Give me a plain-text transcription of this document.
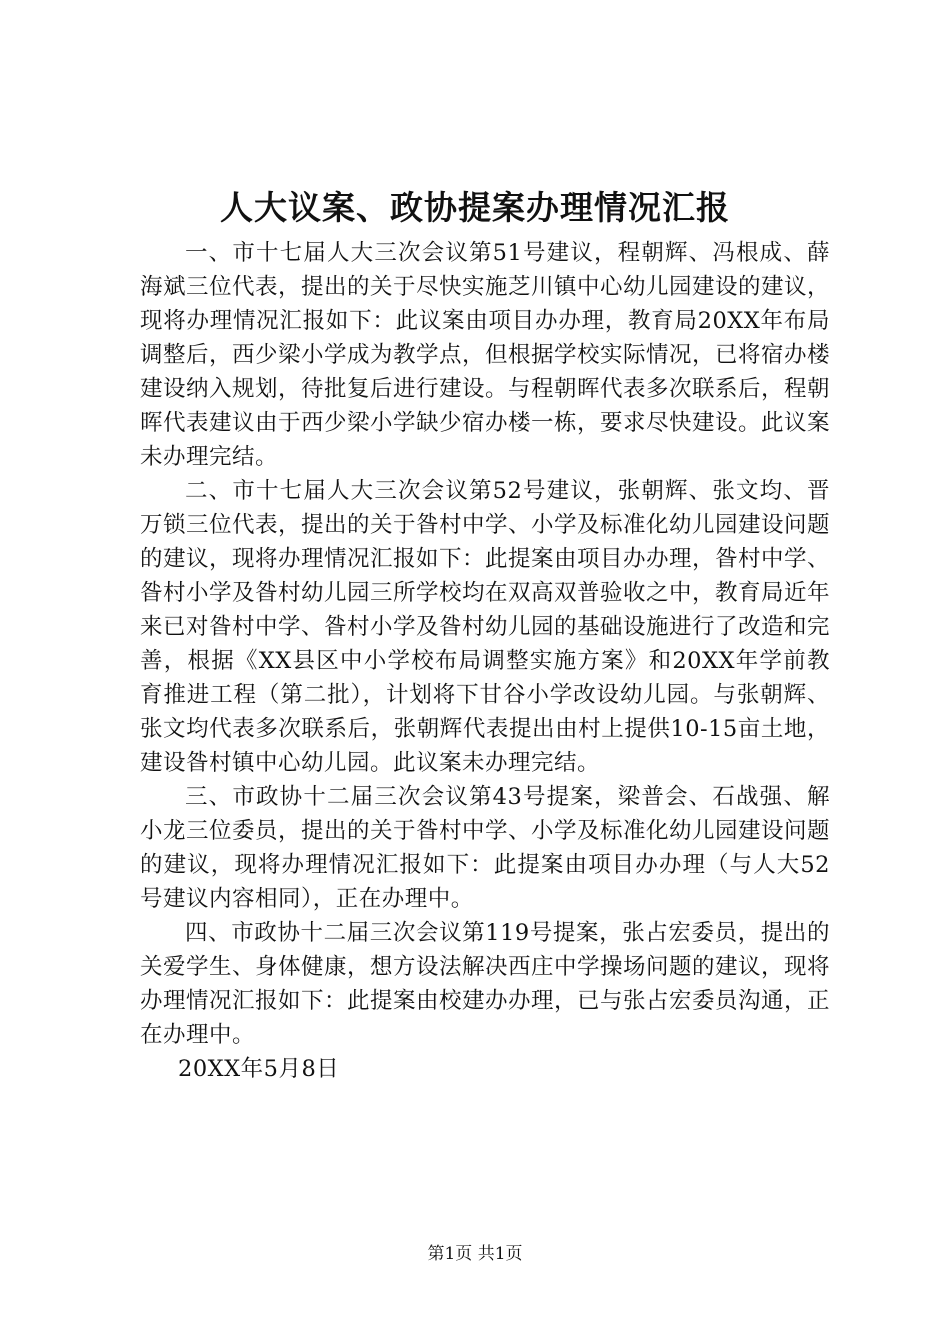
人大议案、政协提案办理情况汇报

一、市十七届人大三次会议第51号建议，程朝辉、冯根成、薛海斌三位代表，提出的关于尽快实施芝川镇中心幼儿园建设的建议，现将办理情况汇报如下：此议案由项目办办理，教育局20XX年布局调整后，西少梁小学成为教学点，但根据学校实际情况，已将宿办楼建设纳入规划，待批复后进行建设。与程朝晖代表多次联系后，程朝晖代表建议由于西少梁小学缺少宿办楼一栋，要求尽快建设。此议案未办理完结。

二、市十七届人大三次会议第52号建议，张朝辉、张文均、晋万锁三位代表，提出的关于昝村中学、小学及标准化幼儿园建设问题的建议，现将办理情况汇报如下：此提案由项目办办理，昝村中学、昝村小学及昝村幼儿园三所学校均在双高双普验收之中，教育局近年来已对昝村中学、昝村小学及昝村幼儿园的基础设施进行了改造和完善，根据《XX县区中小学校布局调整实施方案》和20XX年学前教育推进工程（第二批），计划将下甘谷小学改设幼儿园。与张朝辉、张文均代表多次联系后，张朝辉代表提出由村上提供10-15亩土地，建设昝村镇中心幼儿园。此议案未办理完结。

三、市政协十二届三次会议第43号提案，梁普会、石战强、解小龙三位委员，提出的关于昝村中学、小学及标准化幼儿园建设问题的建议，现将办理情况汇报如下：此提案由项目办办理（与人大52号建议内容相同），正在办理中。

四、市政协十二届三次会议第119号提案，张占宏委员，提出的关爱学生、身体健康，想方设法解决西庄中学操场问题的建议，现将办理情况汇报如下：此提案由校建办办理，已与张占宏委员沟通，正在办理中。

20XX年5月8日

第1页 共1页
